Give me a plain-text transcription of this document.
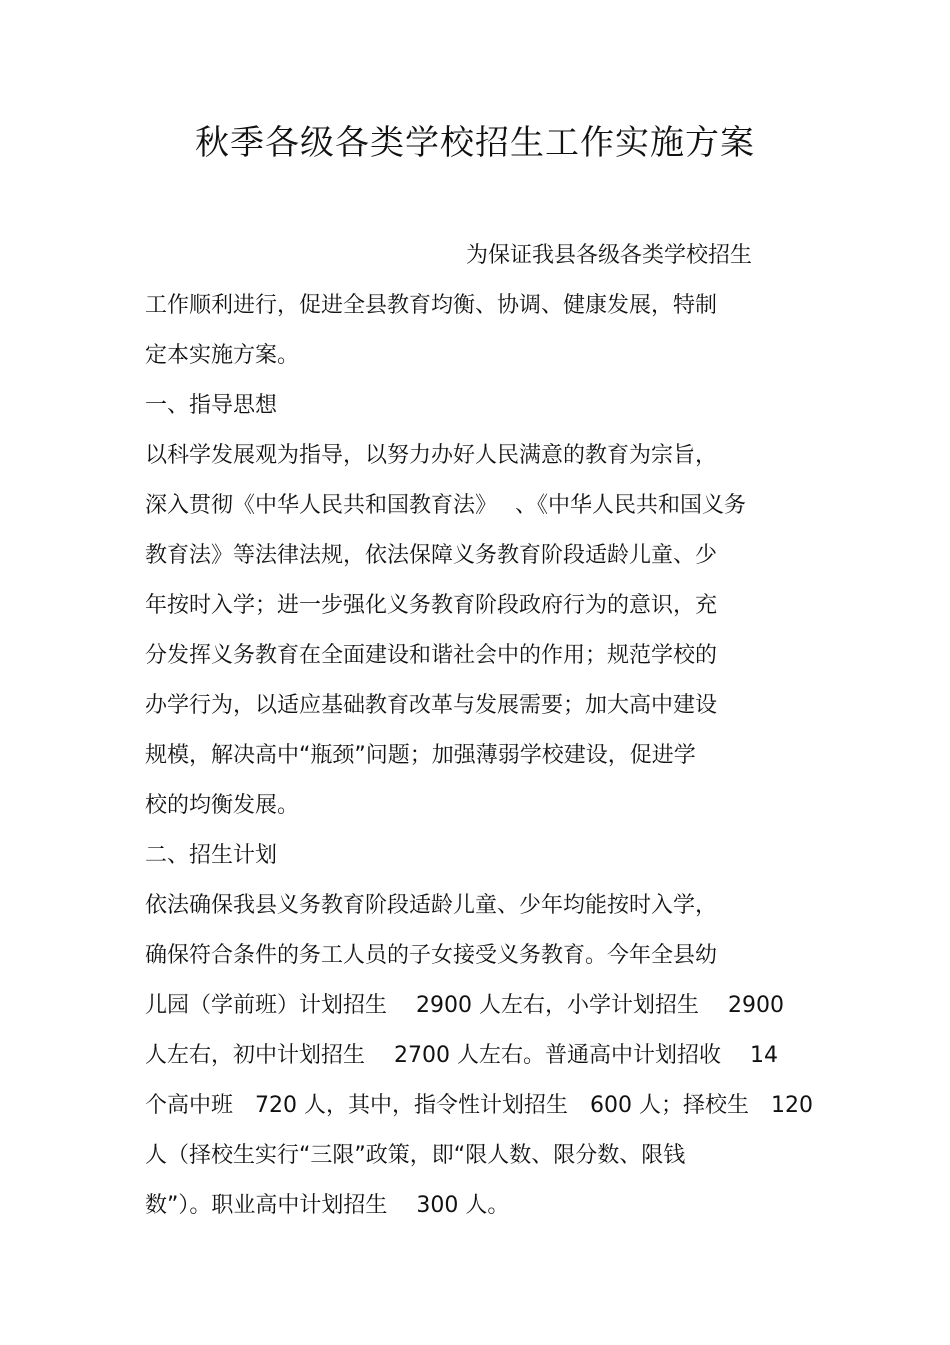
秋季各级各类学校招生工作实施方案
为保证我县各级各类学校招生
工作顺利进行，促进全县教育均衡、协调、健康发展，特制
定本实施方案。
一、指导思想
以科学发展观为指导，以努力办好人民满意的教育为宗旨，
深入贯彻《中华人民共和国教育法》　 、《中华人民共和国义务
教育法》等法律法规，依法保障义务教育阶段适龄儿童、少
年按时入学；进一步强化义务教育阶段政府行为的意识，充
分发挥义务教育在全面建设和谐社会中的作用；规范学校的
办学行为，以适应基础教育改革与发展需要；加大高中建设
规模，解决高中“瓶颈”问题；加强薄弱学校建设，促进学
校的均衡发展。
二、招生计划
依法确保我县义务教育阶段适龄儿童、少年均能按时入学，
确保符合条件的务工人员的子女接受义务教育。今年全县幼
儿园（学前班）计划招生　 2900 人左右，小学计划招生　 2900
人左右，初中计划招生　 2700 人左右。普通高中计划招收　 14
个高中班　720 人，其中，指令性计划招生　600 人；择校生　120
人（择校生实行“三限”政策，即“限人数、限分数、限钱
数”）。职业高中计划招生　 300 人。
